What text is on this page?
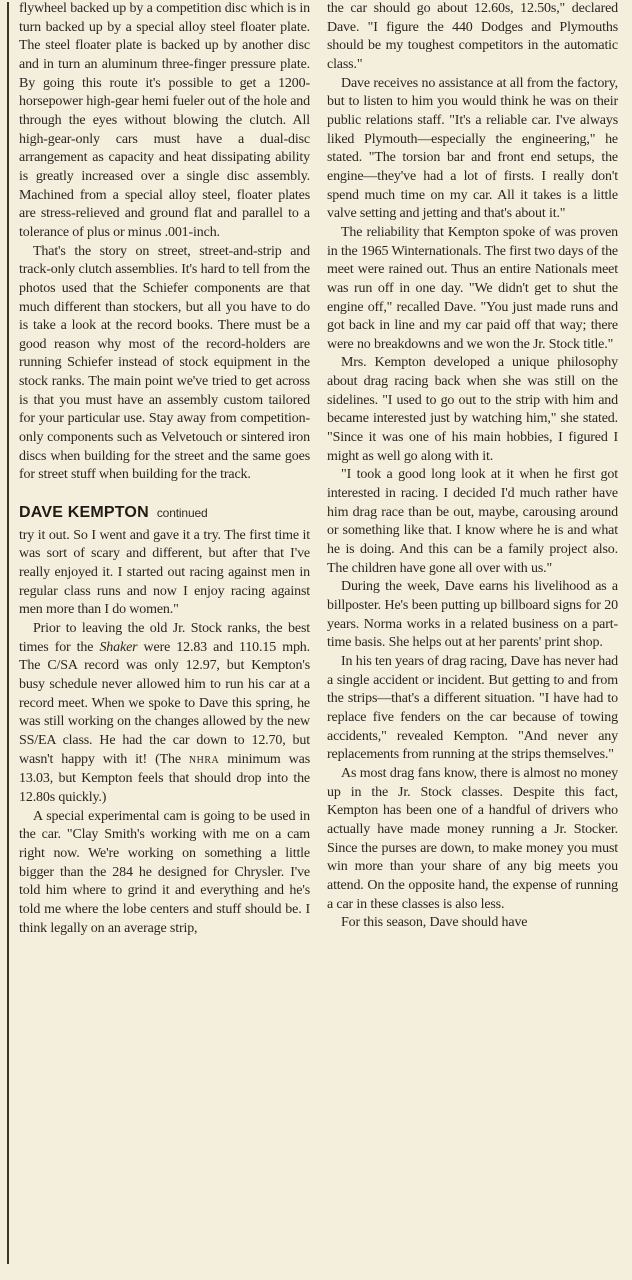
flywheel backed up by a competition disc which is in turn backed up by a special alloy steel floater plate. The steel floater plate is backed up by another disc and in turn an aluminum three-finger pressure plate. By going this route it's possible to get a 1200-horsepower high-gear hemi fueler out of the hole and through the eyes without blowing the clutch. All high-gear-only cars must have a dual-disc arrangement as capacity and heat dissipating ability is greatly increased over a single disc assembly. Machined from a special alloy steel, floater plates are stress-relieved and ground flat and parallel to a tolerance of plus or minus .001-inch.

That's the story on street, street-and-strip and track-only clutch assemblies. It's hard to tell from the photos used that the Schiefer components are that much different than stockers, but all you have to do is take a look at the record books. There must be a good reason why most of the record-holders are running Schiefer instead of stock equipment in the stock ranks. The main point we've tried to get across is that you must have an assembly custom tailored for your particular use. Stay away from competition-only components such as Velvetouch or sintered iron discs when building for the street and the same goes for street stuff when building for the track.

DAVE KEMPTON continued

try it out. So I went and gave it a try. The first time it was sort of scary and different, but after that I've really enjoyed it. I started out racing against men in regular class runs and now I enjoy racing against men more than I do women."

Prior to leaving the old Jr. Stock ranks, the best times for the Shaker were 12.83 and 110.15 mph. The C/SA record was only 12.97, but Kempton's busy schedule never allowed him to run his car at a record meet. When we spoke to Dave this spring, he was still working on the changes allowed by the new SS/EA class. He had the car down to 12.70, but wasn't happy with it! (The NHRA minimum was 13.03, but Kempton feels that should drop into the 12.80s quickly.)

A special experimental cam is going to be used in the car. "Clay Smith's working with me on a cam right now. We're working on something a little bigger than the 284 he designed for Chrysler. I've told him where to grind it and everything and he's told me where the lobe centers and stuff should be. I think legally on an average strip,

the car should go about 12.60s, 12.50s," declared Dave. "I figure the 440 Dodges and Plymouths should be my toughest competitors in the automatic class."

Dave receives no assistance at all from the factory, but to listen to him you would think he was on their public relations staff. "It's a reliable car. I've always liked Plymouth—especially the engineering," he stated. "The torsion bar and front end setups, the engine—they've had a lot of firsts. I really don't spend much time on my car. All it takes is a little valve setting and jetting and that's about it."

The reliability that Kempton spoke of was proven in the 1965 Winternationals. The first two days of the meet were rained out. Thus an entire Nationals meet was run off in one day. "We didn't get to shut the engine off," recalled Dave. "You just made runs and got back in line and my car paid off that way; there were no breakdowns and we won the Jr. Stock title."

Mrs. Kempton developed a unique philosophy about drag racing back when she was still on the sidelines. "I used to go out to the strip with him and became interested just by watching him," she stated. "Since it was one of his main hobbies, I figured I might as well go along with it.

"I took a good long look at it when he first got interested in racing. I decided I'd much rather have him drag race than be out, maybe, carousing around or something like that. I know where he is and what he is doing. And this can be a family project also. The children have gone all over with us."

During the week, Dave earns his livelihood as a billposter. He's been putting up billboard signs for 20 years. Norma works in a related business on a part-time basis. She helps out at her parents' print shop.

In his ten years of drag racing, Dave has never had a single accident or incident. But getting to and from the strips—that's a different situation. "I have had to replace five fenders on the car because of towing accidents," revealed Kempton. "And never any replacements from running at the strips themselves."

As most drag fans know, there is almost no money up in the Jr. Stock classes. Despite this fact, Kempton has been one of a handful of drivers who actually have made money running a Jr. Stocker. Since the purses are down, to make money you must win more than your share of any big meets you attend. On the opposite hand, the expense of running a car in these classes is also less.

For this season, Dave should have
